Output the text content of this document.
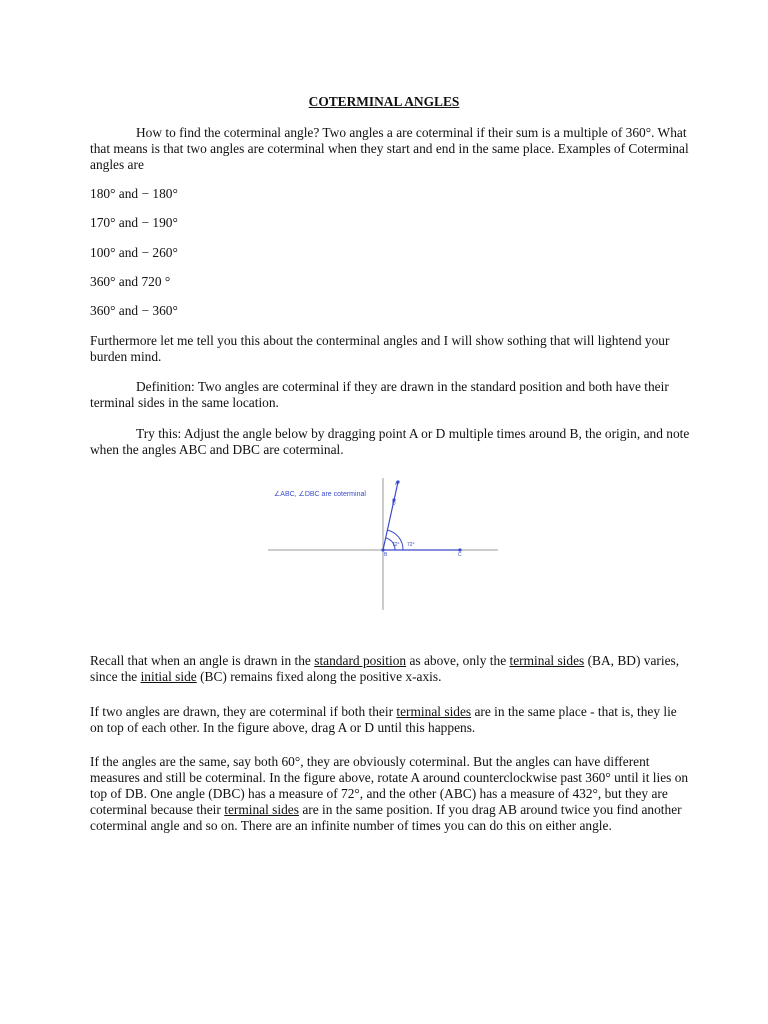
COTERMINAL ANGLES

How to find the coterminal angle? Two angles a are coterminal if their sum is a multiple of 360°. What that means is that two angles are coterminal when they start and end in the same place. Examples of Coterminal angles are

180° and − 180°

170° and − 190°

100° and − 260°

360° and 720 °

360° and − 360°

Furthermore let me tell you this about the conterminal angles and I will show sothing that will lightend your burden mind.

Definition: Two angles are coterminal if they are drawn in the standard position and both have their terminal sides in the same location.

Try this: Adjust the angle below by dragging point A or D multiple times around B, the origin, and note when the angles ABC and DBC are coterminal.

∠ABC, ∠DBC are coterminal
A
D
B	C
72° 72°

Recall that when an angle is drawn in the standard position as above, only the terminal sides (BA, BD) varies, since the initial side (BC) remains fixed along the positive x-axis.

If two angles are drawn, they are coterminal if both their terminal sides are in the same place - that is, they lie on top of each other. In the figure above, drag A or D until this happens.

If the angles are the same, say both 60°, they are obviously coterminal. But the angles can have different measures and still be coterminal. In the figure above, rotate A around counterclockwise past 360° until it lies on top of DB. One angle (DBC) has a measure of 72°, and the other (ABC) has a measure of 432°, but they are coterminal because their terminal sides are in the same position. If you drag AB around twice you find another coterminal angle and so on. There are an infinite number of times you can do this on either angle.
